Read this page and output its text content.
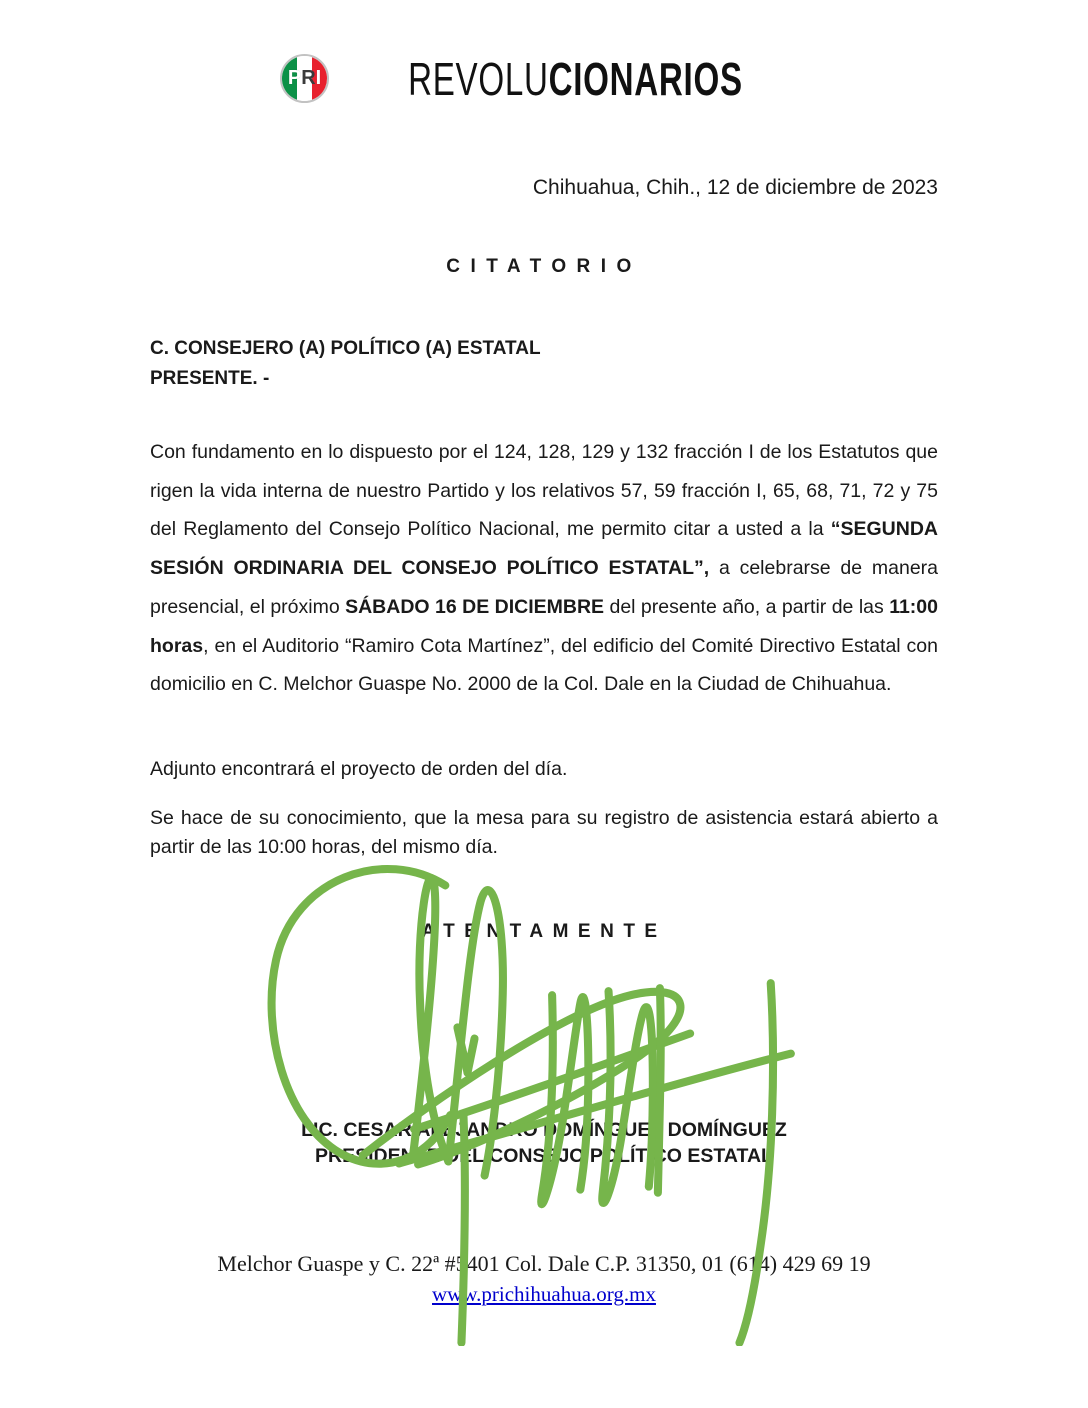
P R I REVOLU CIONARIOS
Chihuahua, Chih., 12 de diciembre de 2023
CITATORIO
C. CONSEJERO (A) POLÍTICO (A) ESTATAL
PRESENTE. -

Con fundamento en lo dispuesto por el 124, 128, 129 y 132 fracción I de los Estatutos que rigen la vida interna de nuestro Partido y los relativos 57, 59 fracción I, 65, 68, 71, 72 y 75 del Reglamento del Consejo Político Nacional, me permito citar a usted a la “SEGUNDA SESIÓN ORDINARIA DEL CONSEJO POLÍTICO ESTATAL”, a celebrarse de manera presencial, el próximo SÁBADO 16 DE DICIEMBRE del presente año, a partir de las 11:00 horas, en el Auditorio “Ramiro Cota Martínez”, del edificio del Comité Directivo Estatal con domicilio en C. Melchor Guaspe No. 2000 de la Col. Dale en la Ciudad de Chihuahua.

Adjunto encontrará el proyecto de orden del día.

Se hace de su conocimiento, que la mesa para su registro de asistencia estará abierto a partir de las 10:00 horas, del mismo día.

ATENTAMENTE
LIC. CESAR ALEJANDRO DOMÍNGUEZ DOMÍNGUEZ
PRESIDENTE DEL CONSEJO POLÍTICO ESTATAL
Melchor Guaspe y C. 22ª #5401 Col. Dale C.P. 31350, 01 (614) 429 69 19
www.prichihuahua.org.mx
